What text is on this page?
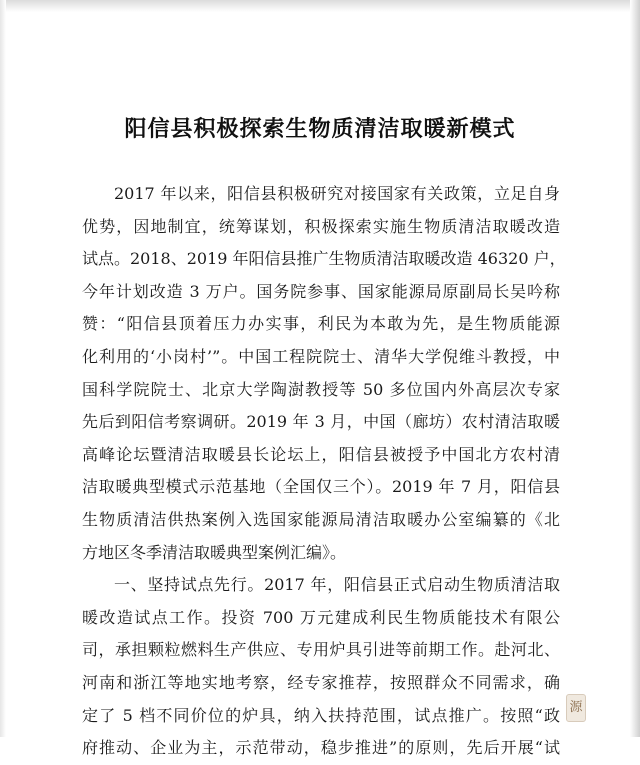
阳信县积极探索生物质清洁取暖新模式
2017 年以来，阳信县积极研究对接国家有关政策，立足自身
优势，因地制宜，统筹谋划，积极探索实施生物质清洁取暖改造
试点。2018、2019 年阳信县推广生物质清洁取暖改造 46320 户，
今年计划改造 3 万户。国务院参事、国家能源局原副局长吴吟称
赞：“阳信县顶着压力办实事，利民为本敢为先，是生物质能源
化利用的‘小岗村’”。中国工程院院士、清华大学倪维斗教授，中
国科学院院士、北京大学陶澍教授等 50 多位国内外高层次专家
先后到阳信考察调研。2019 年 3 月，中国（廊坊）农村清洁取暖
高峰论坛暨清洁取暖县长论坛上，阳信县被授予中国北方农村清
洁取暖典型模式示范基地（全国仅三个）。2019 年 7 月，阳信县
生物质清洁供热案例入选国家能源局清洁取暖办公室编纂的《北
方地区冬季清洁取暖典型案例汇编》。
一、坚持试点先行。2017 年，阳信县正式启动生物质清洁取
暖改造试点工作。投资 700 万元建成利民生物质能技术有限公
司，承担颗粒燃料生产供应、专用炉具引进等前期工作。赴河北、
河南和浙江等地实地考察，经专家推荐，按照群众不同需求，确
定了 5 档不同价位的炉具，纳入扶持范围，试点推广。按照“政
府推动、企业为主，示范带动，稳步推进”的原则，先后开展“试
源
